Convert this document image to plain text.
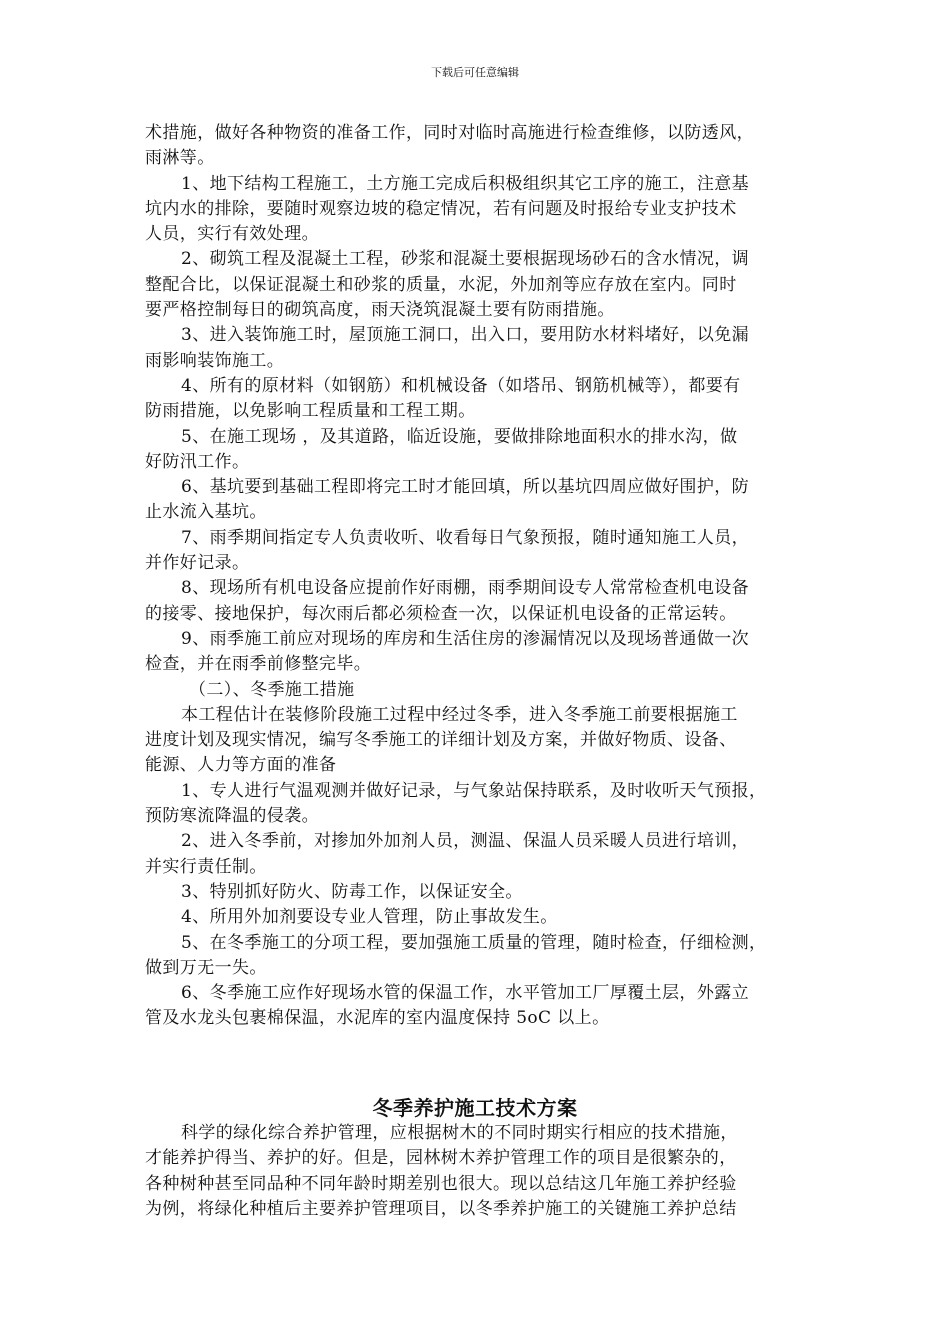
下载后可任意编辑
术措施，做好各种物资的准备工作，同时对临时高施进行检查维修，以防透风，
雨淋等。
1、地下结构工程施工，土方施工完成后积极组织其它工序的施工，注意基
坑内水的排除，要随时观察边坡的稳定情况，若有问题及时报给专业支护技术
人员，实行有效处理。
2、砌筑工程及混凝土工程，砂浆和混凝土要根据现场砂石的含水情况，调
整配合比，以保证混凝土和砂浆的质量，水泥，外加剂等应存放在室内。同时
要严格控制每日的砌筑高度，雨天浇筑混凝土要有防雨措施。
3、进入装饰施工时，屋顶施工洞口，出入口，要用防水材料堵好，以免漏
雨影响装饰施工。
4、所有的原材料（如钢筋）和机械设备（如塔吊、钢筋机械等），都要有
防雨措施，以免影响工程质量和工程工期。
5、在施工现场 ，及其道路，临近设施，要做排除地面积水的排水沟，做
好防汛工作。
6、基坑要到基础工程即将完工时才能回填，所以基坑四周应做好围护，防
止水流入基坑。
7、雨季期间指定专人负责收听、收看每日气象预报，随时通知施工人员，
并作好记录。
8、现场所有机电设备应提前作好雨棚，雨季期间设专人常常检查机电设备
的接零、接地保护，每次雨后都必须检查一次，以保证机电设备的正常运转。
9、雨季施工前应对现场的库房和生活住房的渗漏情况以及现场普通做一次
检查，并在雨季前修整完毕。
（二）、冬季施工措施
本工程估计在装修阶段施工过程中经过冬季，进入冬季施工前要根据施工
进度计划及现实情况，编写冬季施工的详细计划及方案，并做好物质、设备、
能源、人力等方面的准备
1、专人进行气温观测并做好记录，与气象站保持联系，及时收听天气预报，
预防寒流降温的侵袭。
2、进入冬季前，对掺加外加剂人员，测温、保温人员采暖人员进行培训，
并实行责任制。
3、特别抓好防火、防毒工作，以保证安全。
4、所用外加剂要设专业人管理，防止事故发生。
5、在冬季施工的分项工程，要加强施工质量的管理，随时检查，仔细检测，
做到万无一失。
6、冬季施工应作好现场水管的保温工作，水平管加工厂厚覆土层，外露立
管及水龙头包裹棉保温，水泥库的室内温度保持 5oC 以上。
冬季养护施工技术方案
科学的绿化综合养护管理，应根据树木的不同时期实行相应的技术措施，
才能养护得当、养护的好。但是，园林树木养护管理工作的项目是很繁杂的，
各种树种甚至同品种不同年龄时期差别也很大。现以总结这几年施工养护经验
为例，将绿化种植后主要养护管理项目，以冬季养护施工的关键施工养护总结
